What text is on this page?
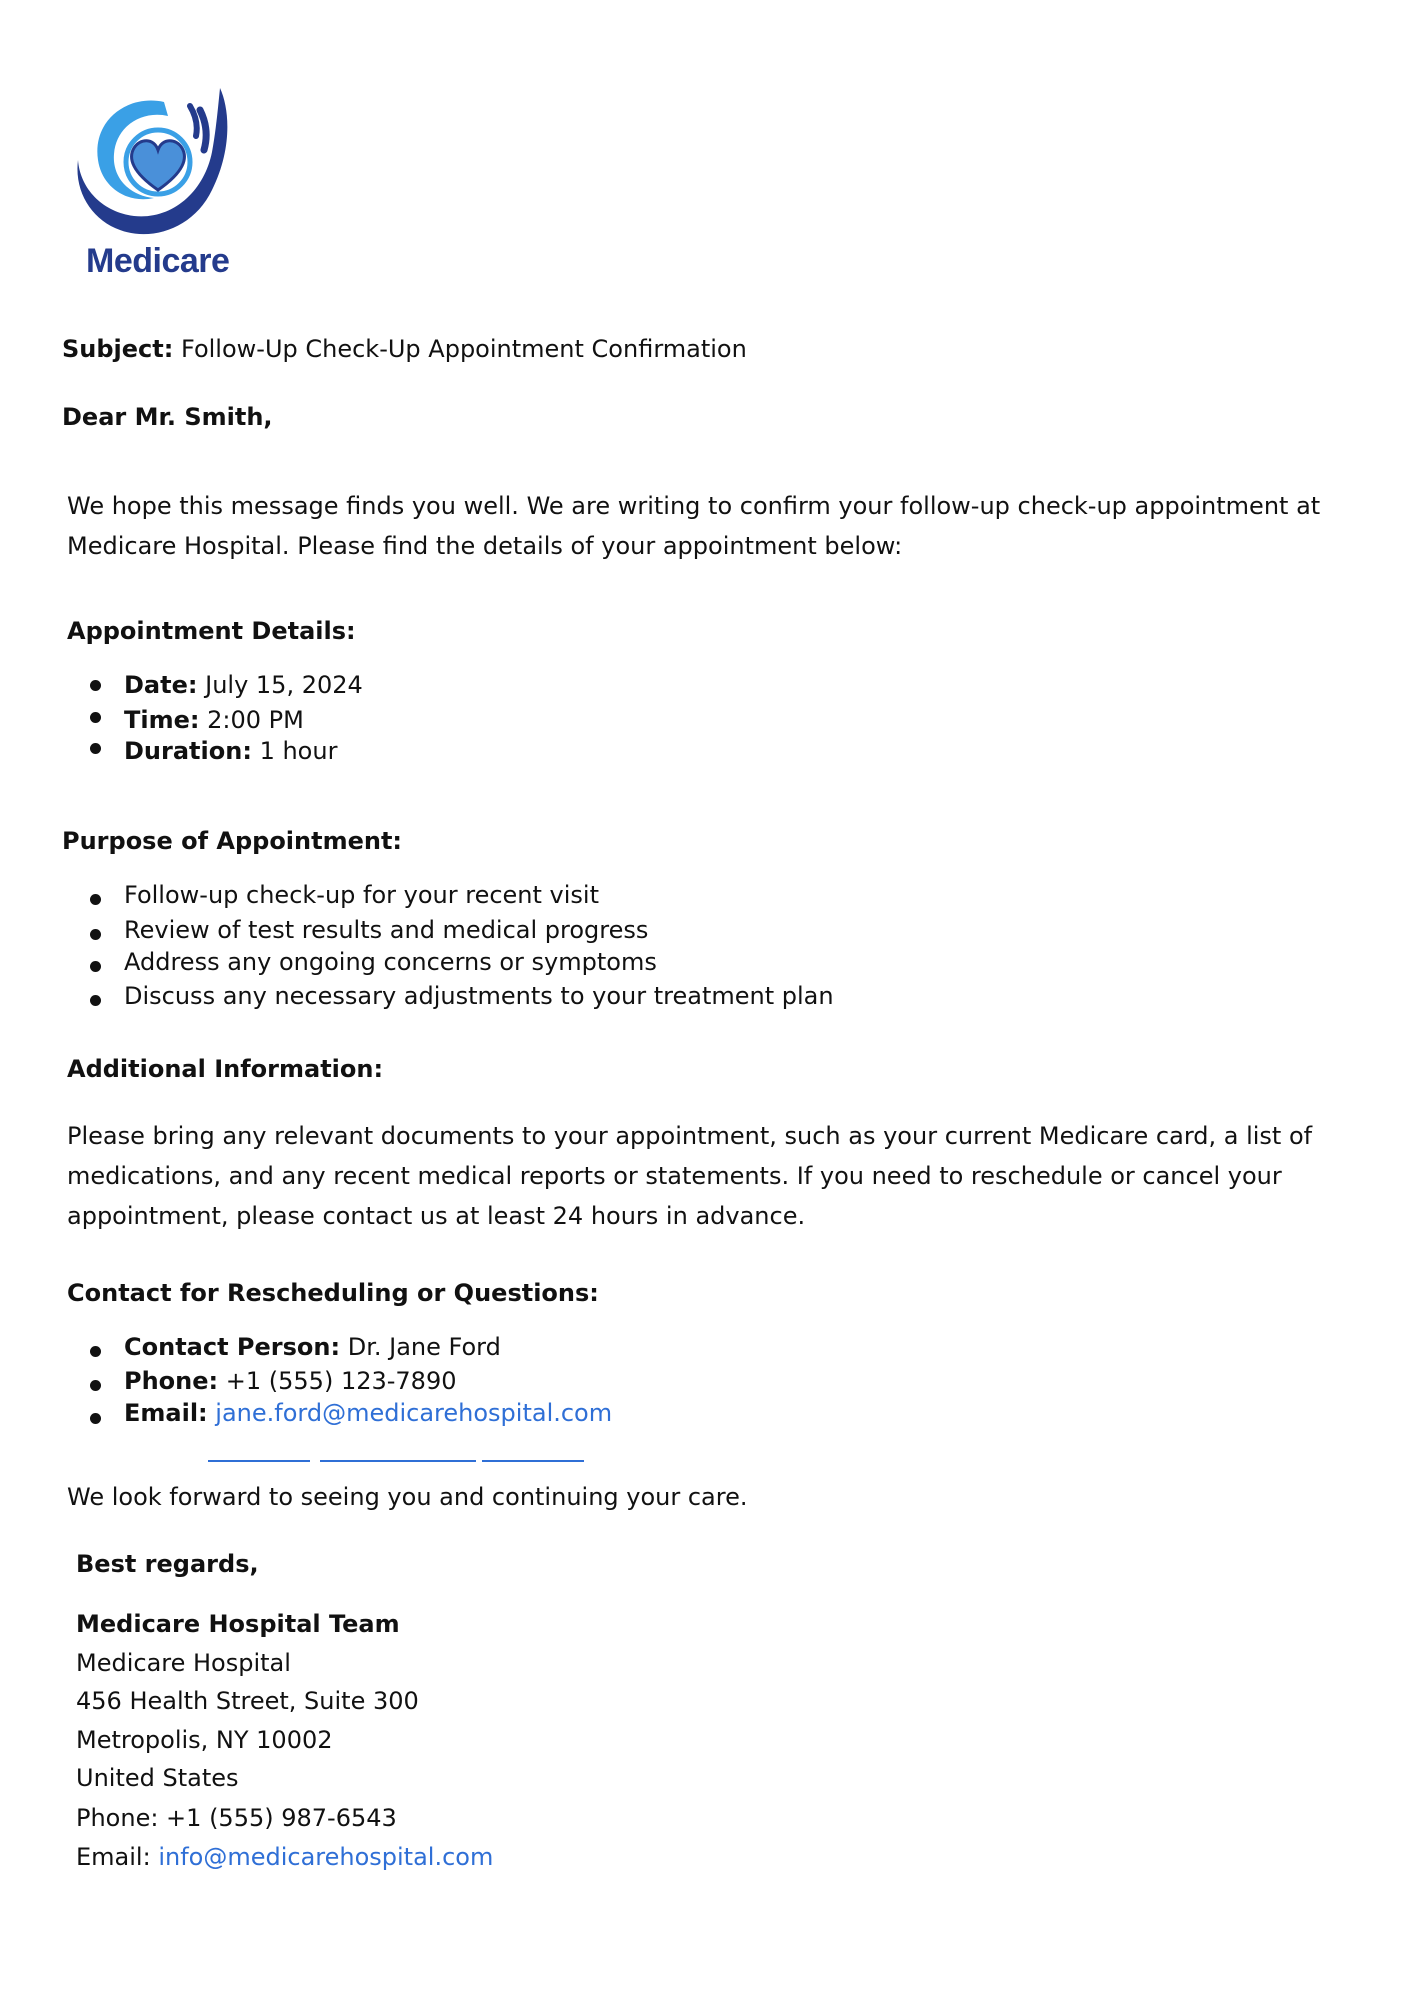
Medicare
Subject: Follow-Up Check-Up Appointment Confirmation
Dear Mr. Smith,
We hope this message finds you well. We are writing to confirm your follow-up check-up appointment at Medicare Hospital. Please find the details of your appointment below:
Appointment Details:
Date: July 15, 2024
Time: 2:00 PM
Duration: 1 hour
Purpose of Appointment:
Follow-up check-up for your recent visit
Review of test results and medical progress
Address any ongoing concerns or symptoms
Discuss any necessary adjustments to your treatment plan
Additional Information:
Please bring any relevant documents to your appointment, such as your current Medicare card, a list of medications, and any recent medical reports or statements. If you need to reschedule or cancel your appointment, please contact us at least 24 hours in advance.
Contact for Rescheduling or Questions:
Contact Person: Dr. Jane Ford
Phone: +1 (555) 123-7890
Email: jane.ford@medicarehospital.com
We look forward to seeing you and continuing your care.
Best regards,
Medicare Hospital Team
Medicare Hospital
456 Health Street, Suite 300
Metropolis, NY 10002
United States
Phone: +1 (555) 987-6543
Email: info@medicarehospital.com
